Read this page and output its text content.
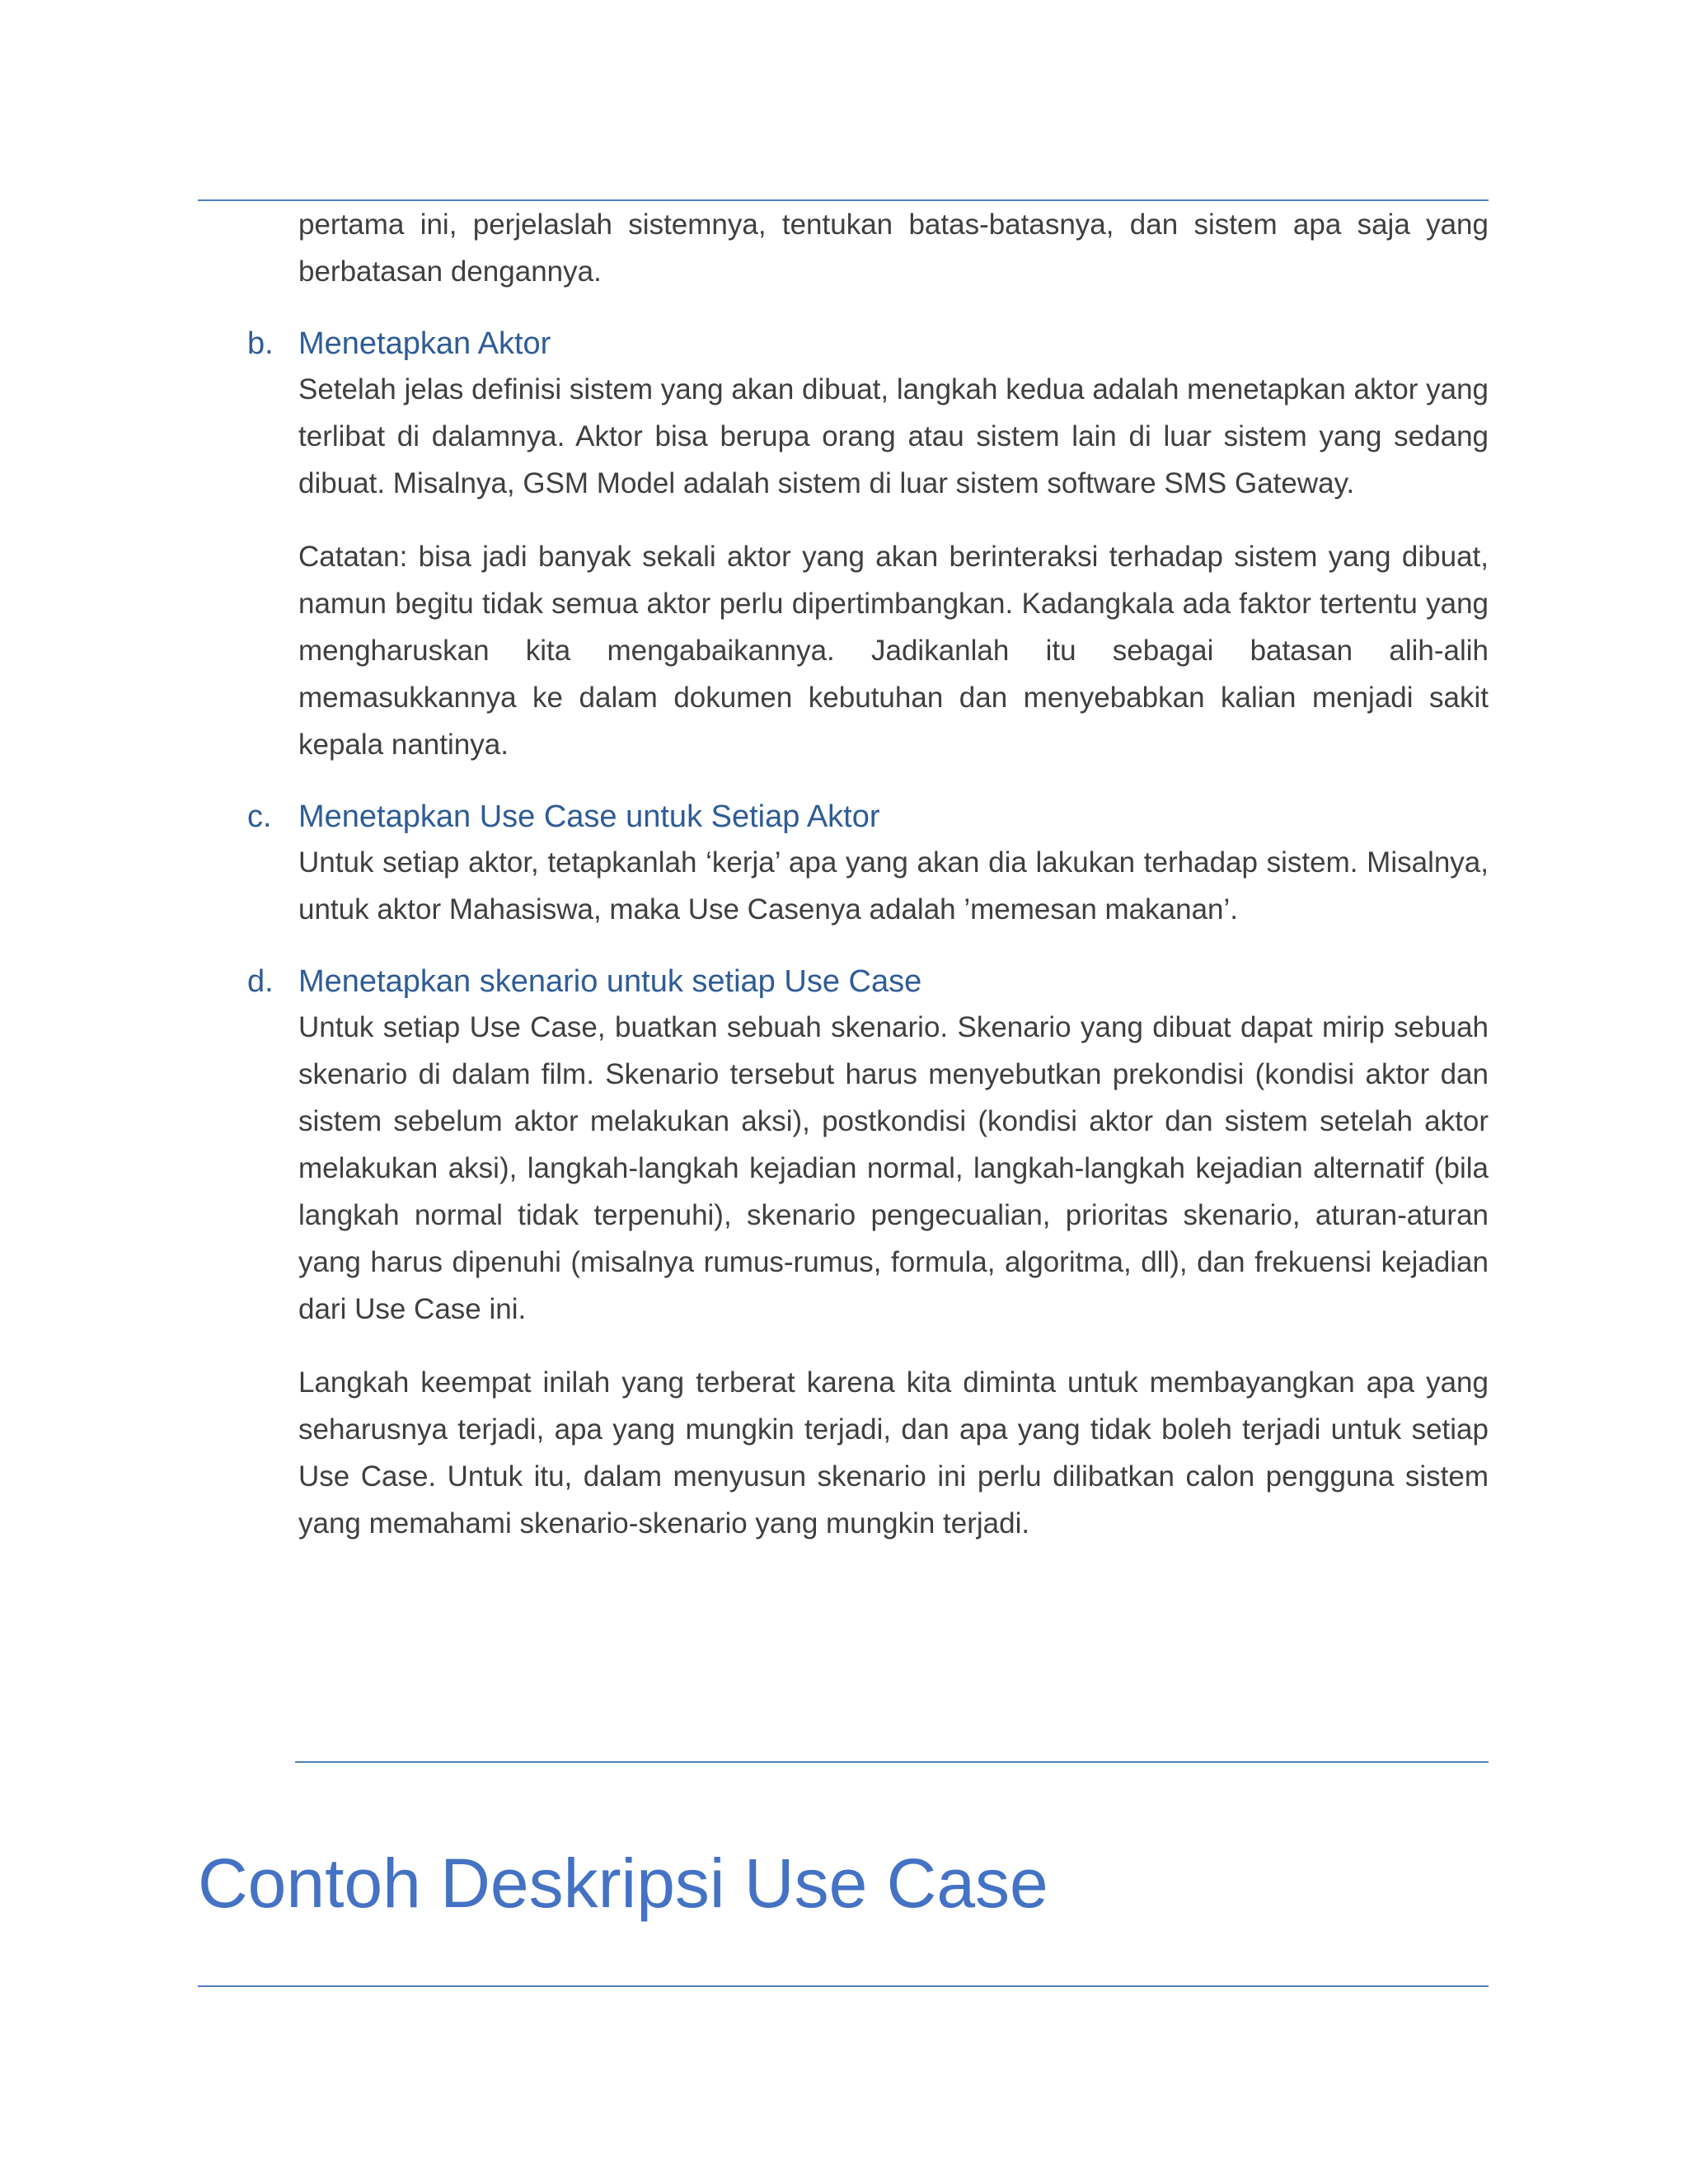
pertama ini, perjelaslah sistemnya, tentukan batas-batasnya, dan sistem apa saja yang berbatasan dengannya.

b. Menetapkan Aktor

Setelah jelas definisi sistem yang akan dibuat, langkah kedua adalah menetapkan aktor yang terlibat di dalamnya. Aktor bisa berupa orang atau sistem lain di luar sistem yang sedang dibuat. Misalnya, GSM Model adalah sistem di luar sistem software SMS Gateway.

Catatan: bisa jadi banyak sekali aktor yang akan berinteraksi terhadap sistem yang dibuat, namun begitu tidak semua aktor perlu dipertimbangkan. Kadangkala ada faktor tertentu yang mengharuskan kita mengabaikannya. Jadikanlah itu sebagai batasan alih-alih memasukkannya ke dalam dokumen kebutuhan dan menyebabkan kalian menjadi sakit kepala nantinya.

c. Menetapkan Use Case untuk Setiap Aktor

Untuk setiap aktor, tetapkanlah ‘kerja’ apa yang akan dia lakukan terhadap sistem. Misalnya, untuk aktor Mahasiswa, maka Use Casenya adalah ’memesan makanan’.

d. Menetapkan skenario untuk setiap Use Case

Untuk setiap Use Case, buatkan sebuah skenario. Skenario yang dibuat dapat mirip sebuah skenario di dalam film. Skenario tersebut harus menyebutkan prekondisi (kondisi aktor dan sistem sebelum aktor melakukan aksi), postkondisi (kondisi aktor dan sistem setelah aktor melakukan aksi), langkah-langkah kejadian normal, langkah-langkah kejadian alternatif (bila langkah normal tidak terpenuhi), skenario pengecualian, prioritas skenario, aturan-aturan yang harus dipenuhi (misalnya rumus-rumus, formula, algoritma, dll), dan frekuensi kejadian dari Use Case ini.

Langkah keempat inilah yang terberat karena kita diminta untuk membayangkan apa yang seharusnya terjadi, apa yang mungkin terjadi, dan apa yang tidak boleh terjadi untuk setiap Use Case. Untuk itu, dalam menyusun skenario ini perlu dilibatkan calon pengguna sistem yang memahami skenario-skenario yang mungkin terjadi.

Contoh Deskripsi Use Case
